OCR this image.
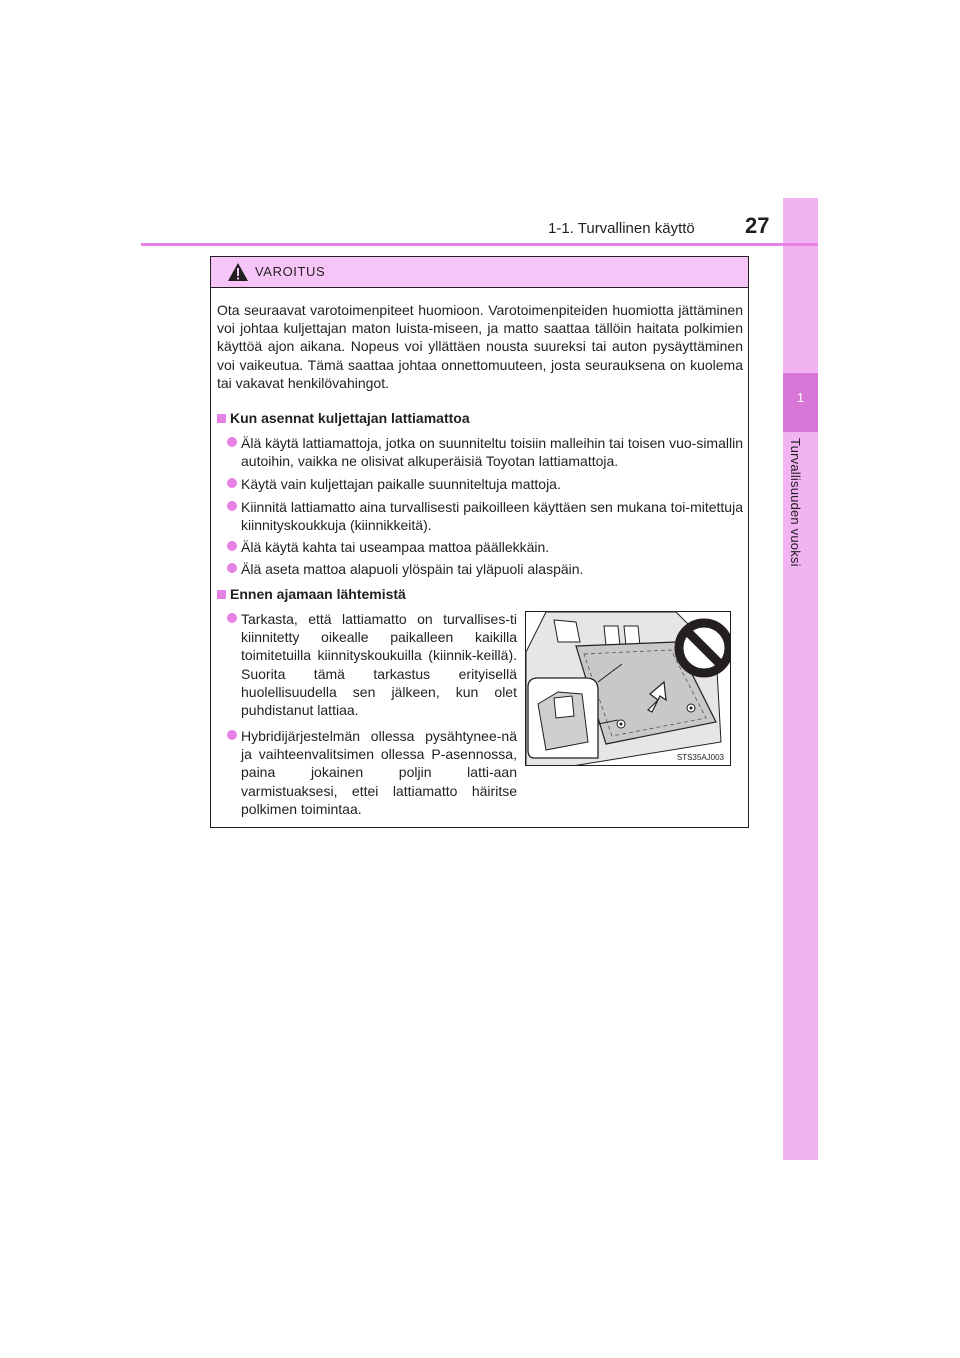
1
Turvallisuuden vuoksi
1-1. Turvallinen käyttö 27
VAROITUS
Ota seuraavat varotoimenpiteet huomioon. Varotoimenpiteiden huomiotta jättäminen voi johtaa kuljettajan maton luista-miseen, ja matto saattaa tällöin haitata polkimien käyttöä ajon aikana. Nopeus voi yllättäen nousta suureksi tai auton pysäyttäminen voi vaikeutua. Tämä saattaa johtaa onnettomuuteen, josta seurauksena on kuolema tai vakavat henkilövahingot.
Kun asennat kuljettajan lattiamattoa
Älä käytä lattiamattoja, jotka on suunniteltu toisiin malleihin tai toisen vuo-simallin autoihin, vaikka ne olisivat alkuperäisiä Toyotan lattiamattoja.
Käytä vain kuljettajan paikalle suunniteltuja mattoja.
Kiinnitä lattiamatto aina turvallisesti paikoilleen käyttäen sen mukana toi-mitettuja kiinnityskoukkuja (kiinnikkeitä).
Älä käytä kahta tai useampaa mattoa päällekkäin.
Älä aseta mattoa alapuoli ylöspäin tai yläpuoli alaspäin.
Ennen ajamaan lähtemistä
Tarkasta, että lattiamatto on turvallises-ti kiinnitetty oikealle paikalleen kaikilla toimitetuilla kiinnityskoukuilla (kiinnik-keillä). Suorita tämä tarkastus erityisellä huolellisuudella sen jälkeen, kun olet puhdistanut lattiaa.
Hybridijärjestelmän ollessa pysähtynee-nä ja vaihteenvalitsimen ollessa P-asennossa, paina jokainen poljin latti-aan varmistuaksesi, ettei lattiamatto häiritse polkimen toimintaa.
STS35AJ003
